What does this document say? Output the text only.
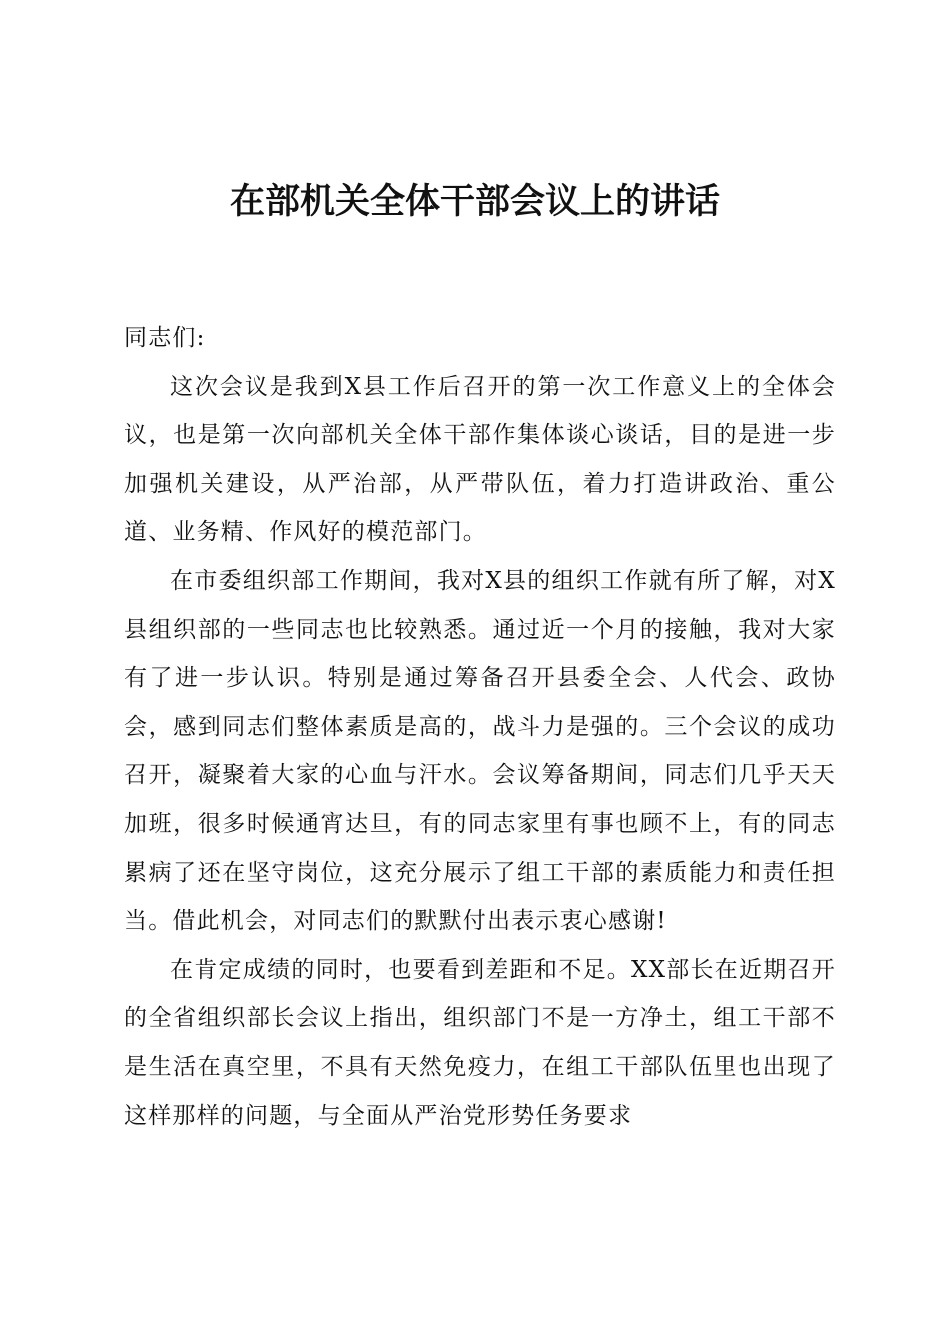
在部机关全体干部会议上的讲话

同志们:

这次会议是我到X县工作后召开的第一次工作意义上的全体会议，也是第一次向部机关全体干部作集体谈心谈话，目的是进一步加强机关建设，从严治部，从严带队伍，着力打造讲政治、重公道、业务精、作风好的模范部门。

在市委组织部工作期间，我对X县的组织工作就有所了解，对X县组织部的一些同志也比较熟悉。通过近一个月的接触，我对大家有了进一步认识。特别是通过筹备召开县委全会、人代会、政协会，感到同志们整体素质是高的，战斗力是强的。三个会议的成功召开，凝聚着大家的心血与汗水。会议筹备期间，同志们几乎天天加班，很多时候通宵达旦，有的同志家里有事也顾不上，有的同志累病了还在坚守岗位，这充分展示了组工干部的素质能力和责任担当。借此机会，对同志们的默默付出表示衷心感谢!

在肯定成绩的同时，也要看到差距和不足。XX部长在近期召开的全省组织部长会议上指出，组织部门不是一方净土，组工干部不是生活在真空里，不具有天然免疫力，在组工干部队伍里也出现了这样那样的问题，与全面从严治党形势任务要求
